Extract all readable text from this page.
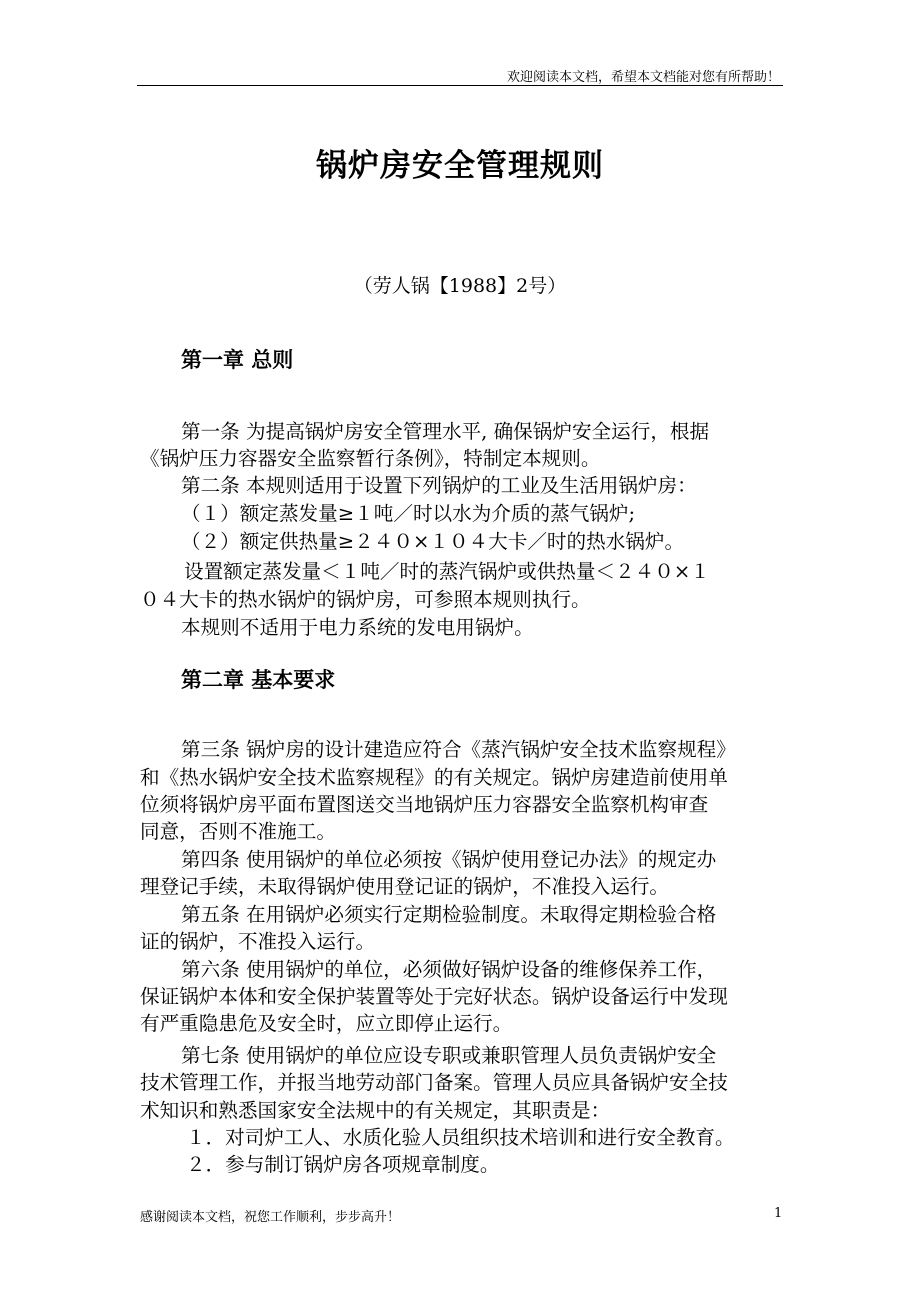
欢迎阅读本文档，希望本文档能对您有所帮助！
锅炉房安全管理规则
（劳人锅【1988】2号）
第一章 总则
第一条 为提高锅炉房安全管理水平, 确保锅炉安全运行，根据
《锅炉压力容器安全监察暂行条例》，特制定本规则。
第二条 本规则适用于设置下列锅炉的工业及生活用锅炉房：
（１）额定蒸发量≥１吨／时以水为介质的蒸气锅炉;
（２）额定供热量≥２４０×１０４大卡／时的热水锅炉。
设置额定蒸发量＜１吨／时的蒸汽锅炉或供热量＜２４０×１
０４大卡的热水锅炉的锅炉房，可参照本规则执行。
本规则不适用于电力系统的发电用锅炉。
第二章 基本要求
第三条 锅炉房的设计建造应符合《蒸汽锅炉安全技术监察规程》
和《热水锅炉安全技术监察规程》的有关规定。锅炉房建造前使用单
位须将锅炉房平面布置图送交当地锅炉压力容器安全监察机构审查
同意，否则不准施工。
第四条 使用锅炉的单位必须按《锅炉使用登记办法》的规定办
理登记手续，未取得锅炉使用登记证的锅炉，不准投入运行。
第五条 在用锅炉必须实行定期检验制度。未取得定期检验合格
证的锅炉，不准投入运行。
第六条 使用锅炉的单位，必须做好锅炉设备的维修保养工作，
保证锅炉本体和安全保护装置等处于完好状态。锅炉设备运行中发现
有严重隐患危及安全时，应立即停止运行。
第七条 使用锅炉的单位应设专职或兼职管理人员负责锅炉安全
技术管理工作，并报当地劳动部门备案。管理人员应具备锅炉安全技
术知识和熟悉国家安全法规中的有关规定，其职责是：
１．对司炉工人、水质化验人员组织技术培训和进行安全教育。
２．参与制订锅炉房各项规章制度。
感谢阅读本文档，祝您工作顺利，步步高升！	1
